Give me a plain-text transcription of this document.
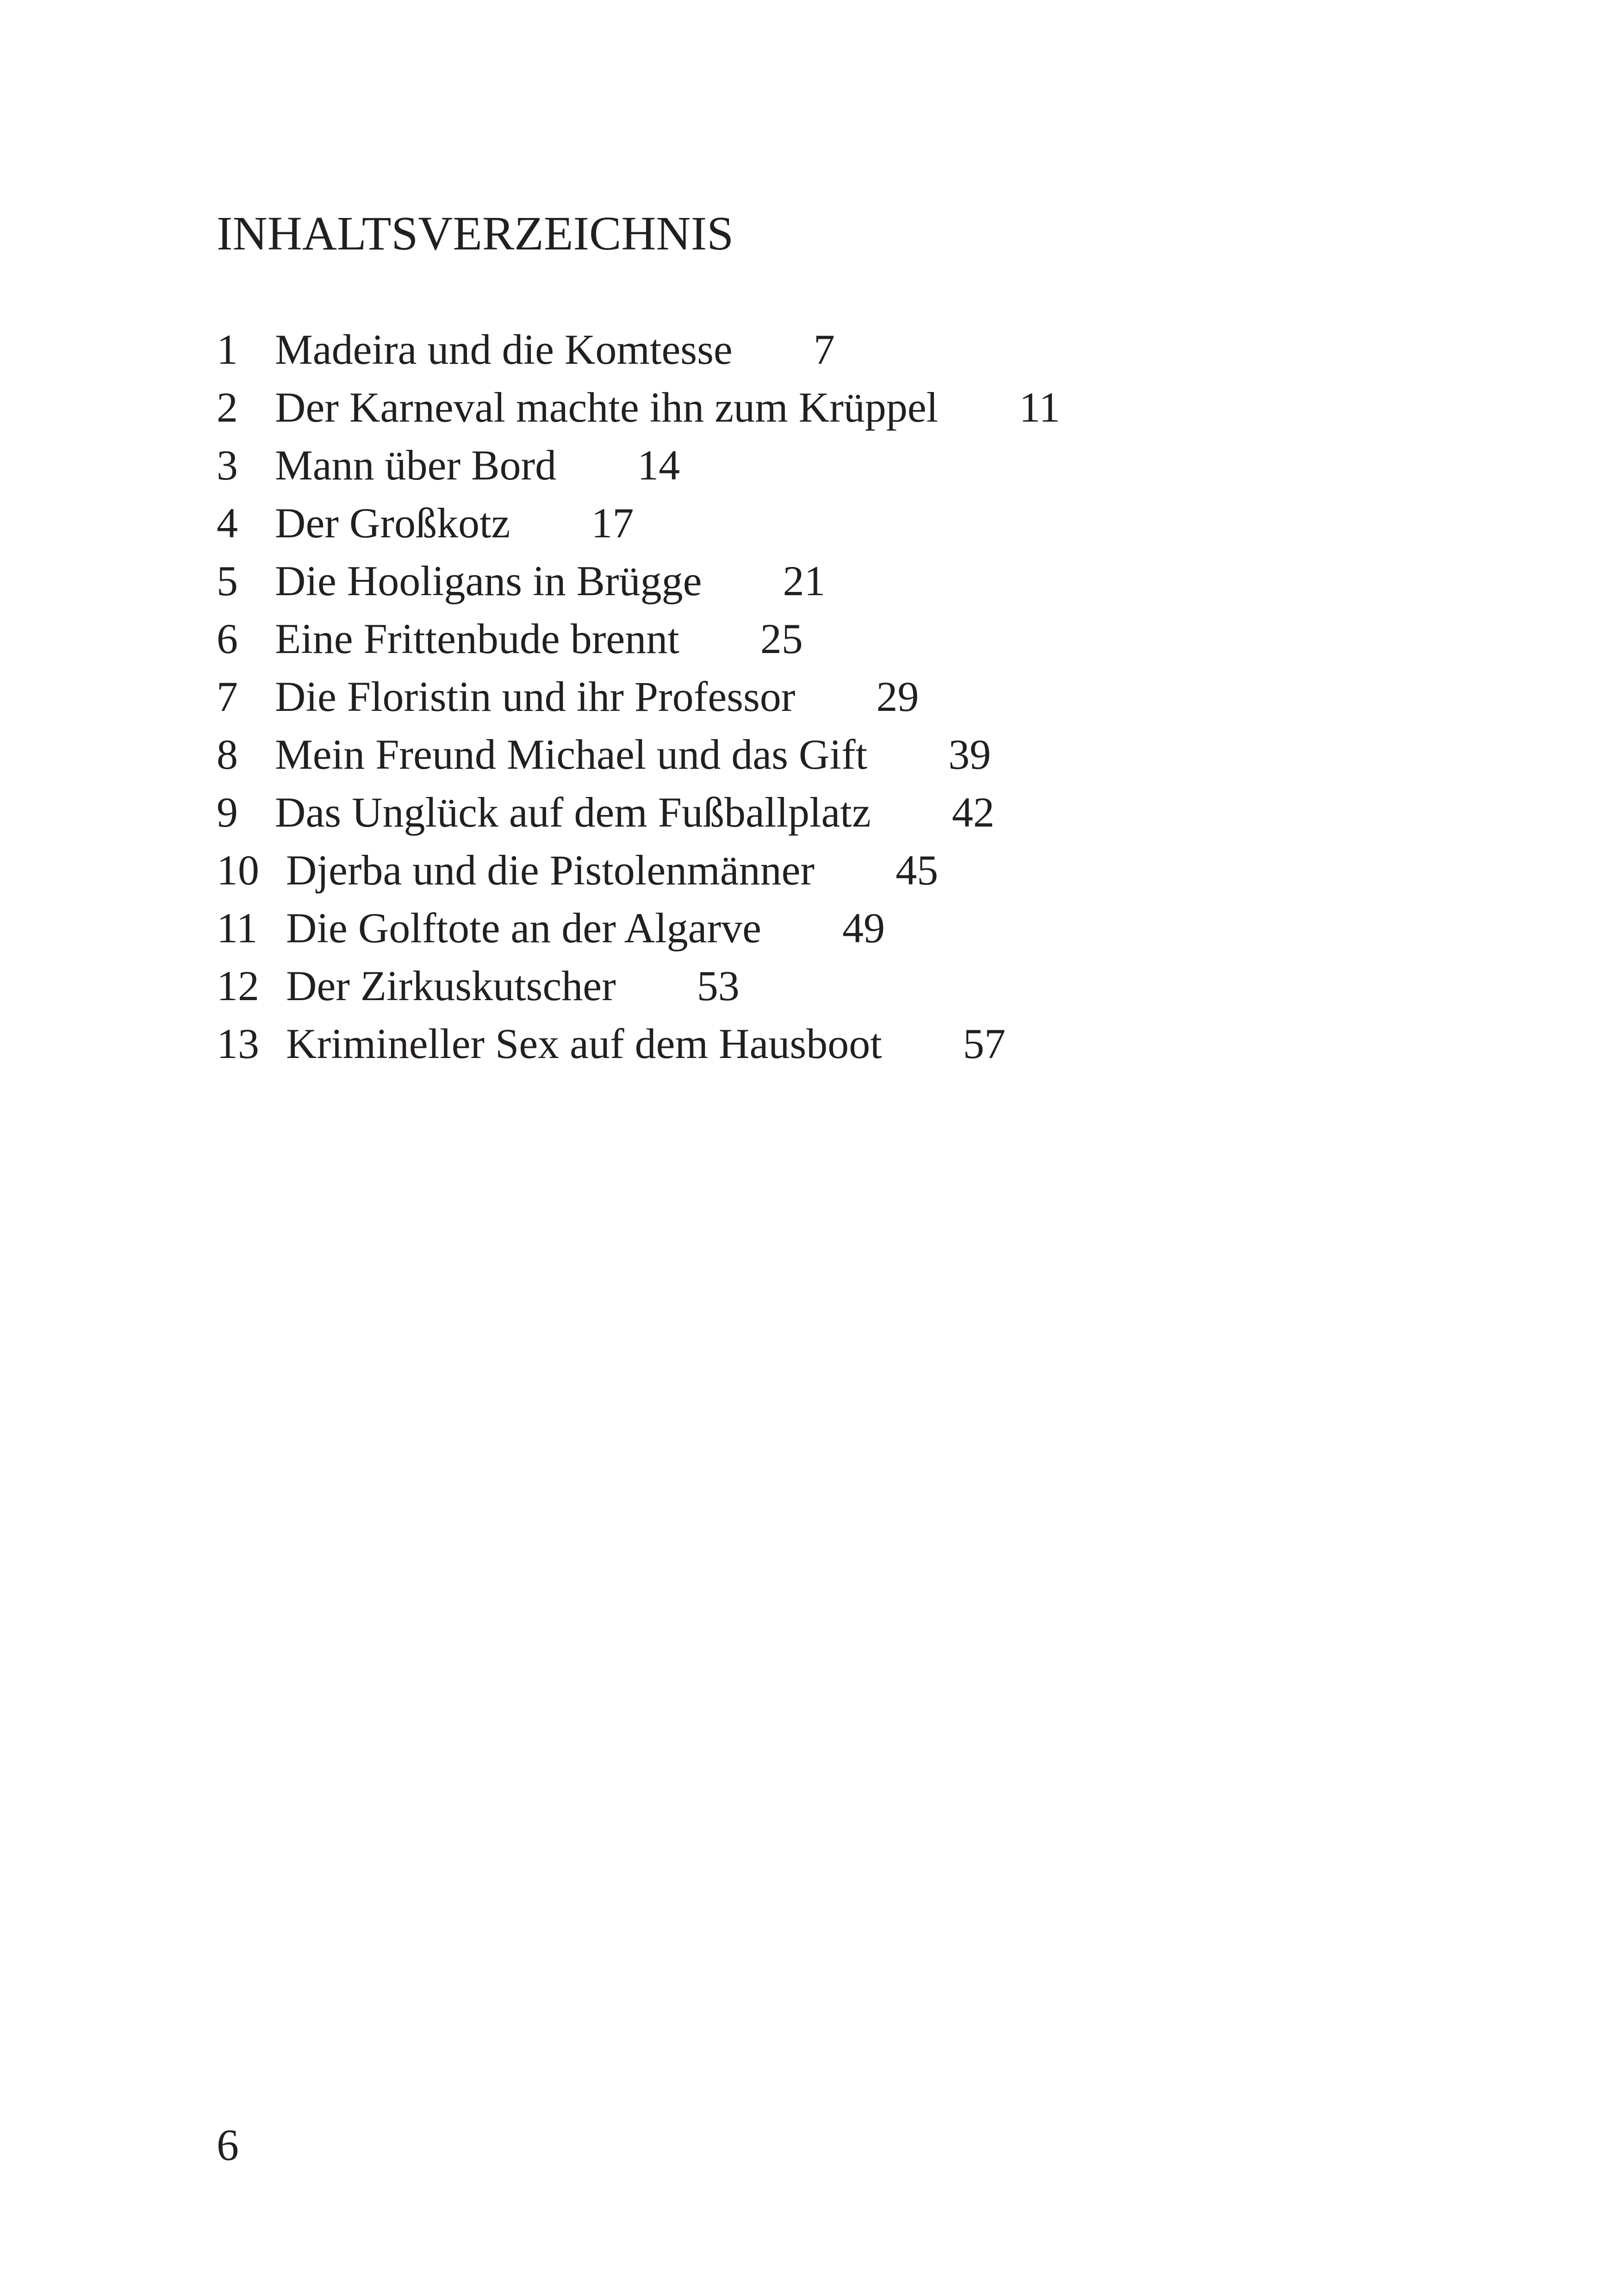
INHALTSVERZEICHNIS
1 Madeira und die Komtesse 7
2 Der Karneval machte ihn zum Krüppel 11
3 Mann über Bord 14
4 Der Großkotz 17
5 Die Hooligans in Brügge 21
6 Eine Frittenbude brennt 25
7 Die Floristin und ihr Professor 29
8 Mein Freund Michael und das Gift 39
9 Das Unglück auf dem Fußballplatz 42
10 Djerba und die Pistolenmänner 45
11 Die Golftote an der Algarve 49
12 Der Zirkuskutscher 53
13 Krimineller Sex auf dem Hausboot 57

6
